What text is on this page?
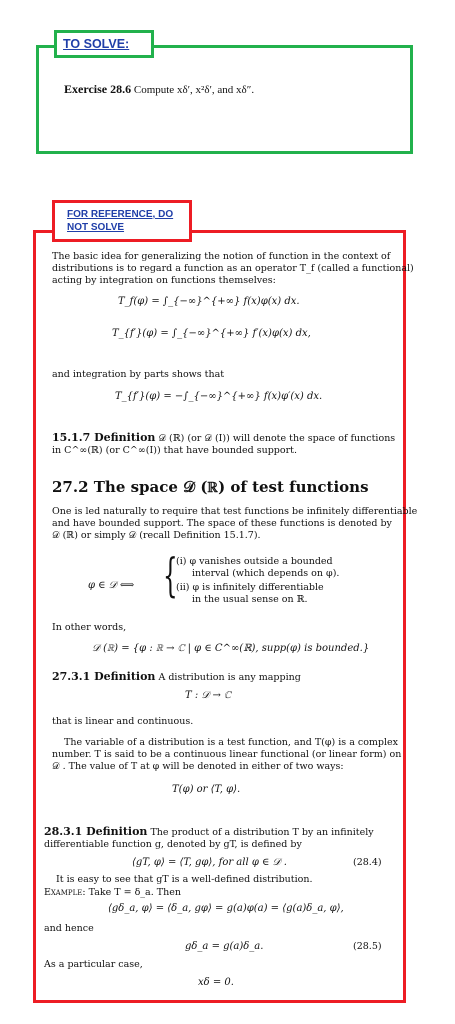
TO SOLVE:
Exercise 28.6 Compute xδ′, x²δ′, and xδ″.
FOR REFERENCE, DO NOT SOLVE
The basic idea for generalizing the notion of function in the context of
distributions is to regard a function as an operator T_f (called a functional)
acting by integration on functions themselves:
T_f(φ) = ∫_{−∞}^{+∞} f(x)φ(x) dx.
T_{f′}(φ) = ∫_{−∞}^{+∞} f′(x)φ(x) dx,
and integration by parts shows that
T_{f′}(φ) = −∫_{−∞}^{+∞} f(x)φ′(x) dx.
15.1.7 Definition 𝒟 (ℝ) (or 𝒟 (I)) will denote the space of functions
in C^∞(ℝ) (or C^∞(I)) that have bounded support.
27.2 The space 𝒟 (ℝ) of test functions
One is led naturally to require that test functions be infinitely differentiable
and have bounded support. The space of these functions is denoted by
𝒟 (ℝ) or simply 𝒟 (recall Definition 15.1.7).
φ ∈ 𝒟 ⟺ {
(i) φ vanishes outside a bounded
interval (which depends on φ).
(ii) φ is infinitely differentiable
in the usual sense on ℝ.
In other words,
𝒟 (ℝ) = {φ : ℝ → ℂ | φ ∈ C^∞(ℝ), supp(φ) is bounded.}
27.3.1 Definition A distribution is any mapping
T : 𝒟 → ℂ
that is linear and continuous.
The variable of a distribution is a test function, and T(φ) is a complex
number. T is said to be a continuous linear functional (or linear form) on
𝒟 . The value of T at φ will be denoted in either of two ways:
T(φ) or ⟨T, φ⟩.
28.3.1 Definition The product of a distribution T by an infinitely
differentiable function g, denoted by gT, is defined by
⟨gT, φ⟩ = ⟨T, gφ⟩, for all φ ∈ 𝒟 .	(28.4)
It is easy to see that gT is a well-defined distribution.
Example: Take T = δ_a. Then
⟨gδ_a, φ⟩ = ⟨δ_a, gφ⟩ = g(a)φ(a) = ⟨g(a)δ_a, φ⟩,
and hence
gδ_a = g(a)δ_a.	(28.5)
As a particular case,
xδ = 0.
